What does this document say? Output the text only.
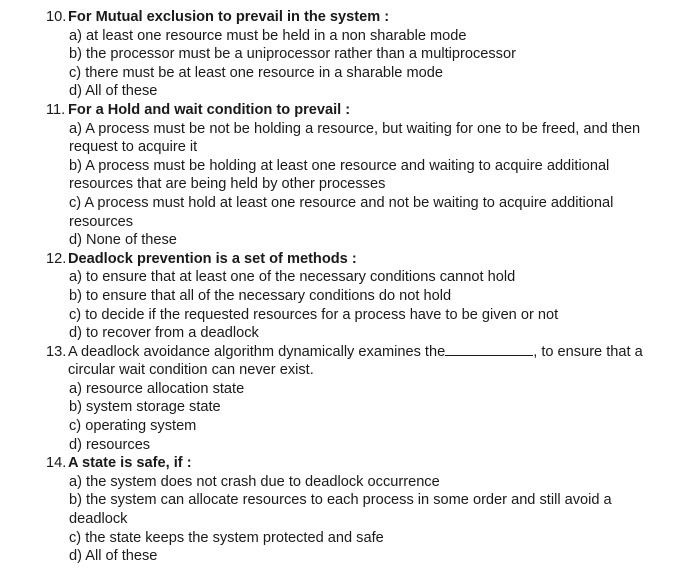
10. For Mutual exclusion to prevail in the system :
a) at least one resource must be held in a non sharable mode
b) the processor must be a uniprocessor rather than a multiprocessor
c) there must be at least one resource in a sharable mode
d) All of these
11. For a Hold and wait condition to prevail :
a) A process must be not be holding a resource, but waiting for one to be freed, and then request to acquire it
b) A process must be holding at least one resource and waiting to acquire additional resources that are being held by other processes
c) A process must hold at least one resource and not be waiting to acquire additional resources
d) None of these
12. Deadlock prevention is a set of methods :
a) to ensure that at least one of the necessary conditions cannot hold
b) to ensure that all of the necessary conditions do not hold
c) to decide if the requested resources for a process have to be given or not
d) to recover from a deadlock
13. A deadlock avoidance algorithm dynamically examines the	, to ensure that a circular wait condition can never exist.
a) resource allocation state
b) system storage state
c) operating system
d) resources
14. A state is safe, if :
a) the system does not crash due to deadlock occurrence
b) the system can allocate resources to each process in some order and still avoid a deadlock
c) the state keeps the system protected and safe
d) All of these
